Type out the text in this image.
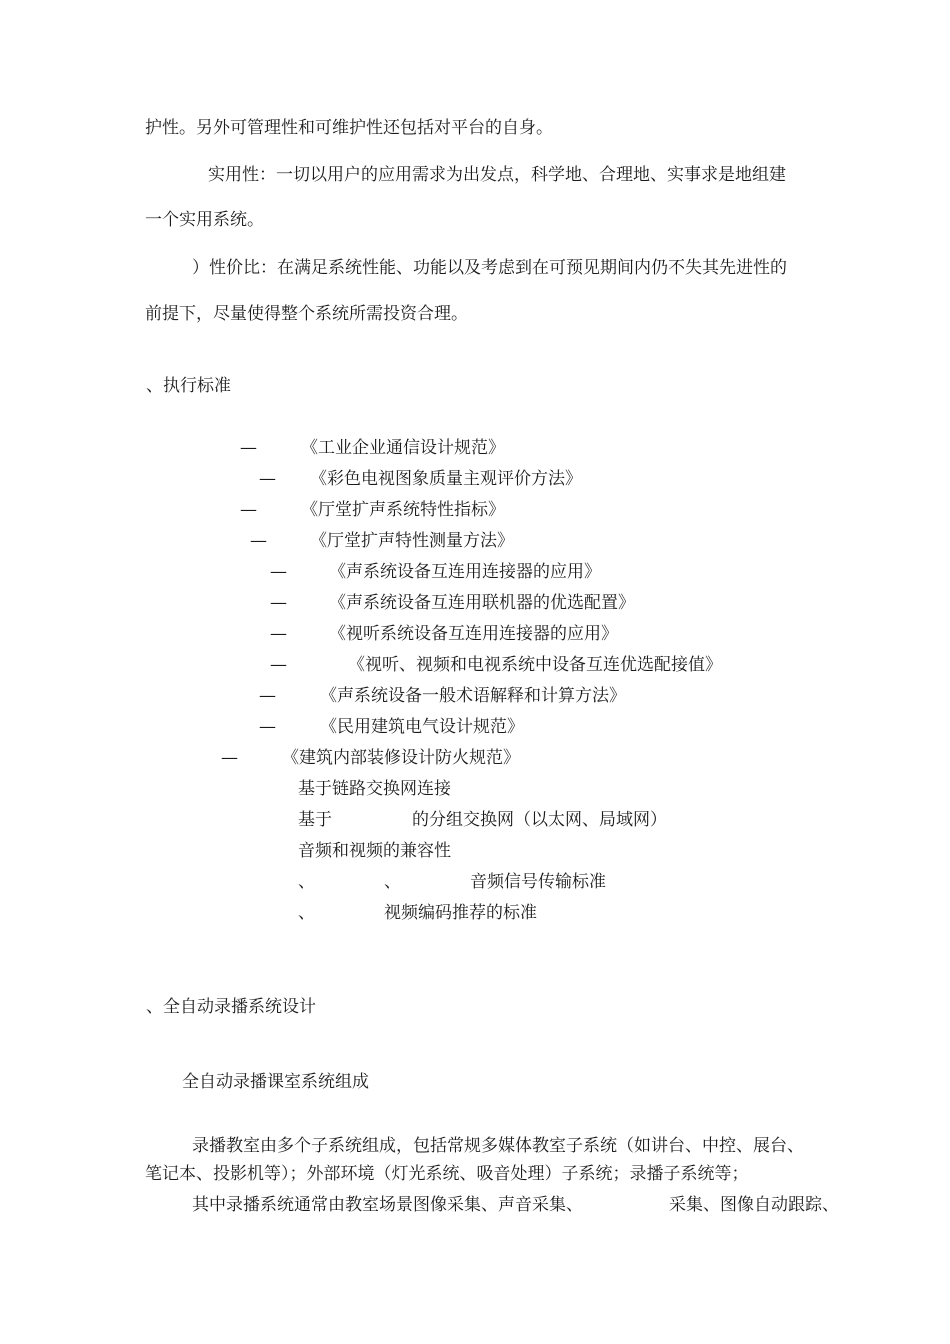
护性。另外可管理性和可维护性还包括对平台的自身。
实用性：一切以用户的应用需求为出发点，科学地、合理地、实事求是地组建
一个实用系统。
）性价比：在满足系统性能、功能以及考虑到在可预见期间内仍不失其先进性的
前提下，尽量使得整个系统所需投资合理。
、执行标准
—	《工业企业通信设计规范》
— 《彩色电视图象质量主观评价方法》
—	《厅堂扩声系统特性指标》
—	《厅堂扩声特性测量方法》
— 《声系统设备互连用连接器的应用》
— 《声系统设备互连用联机器的优选配置》
— 《视听系统设备互连用连接器的应用》
—	《视听、视频和电视系统中设备互连优选配接值》
—	《声系统设备一般术语解释和计算方法》
—	《民用建筑电气设计规范》
—	《建筑内部装修设计防火规范》
基于链路交换网连接
基于	的分组交换网（以太网、局域网）
音频和视频的兼容性
、	、	音频信号传输标准
、	视频编码推荐的标准
、全自动录播系统设计
全自动录播课室系统组成
录播教室由多个子系统组成，包括常规多媒体教室子系统（如讲台、中控、展台、
笔记本、投影机等）；外部环境（灯光系统、吸音处理）子系统；录播子系统等；
其中录播系统通常由教室场景图像采集、声音采集、	采集、图像自动跟踪、
